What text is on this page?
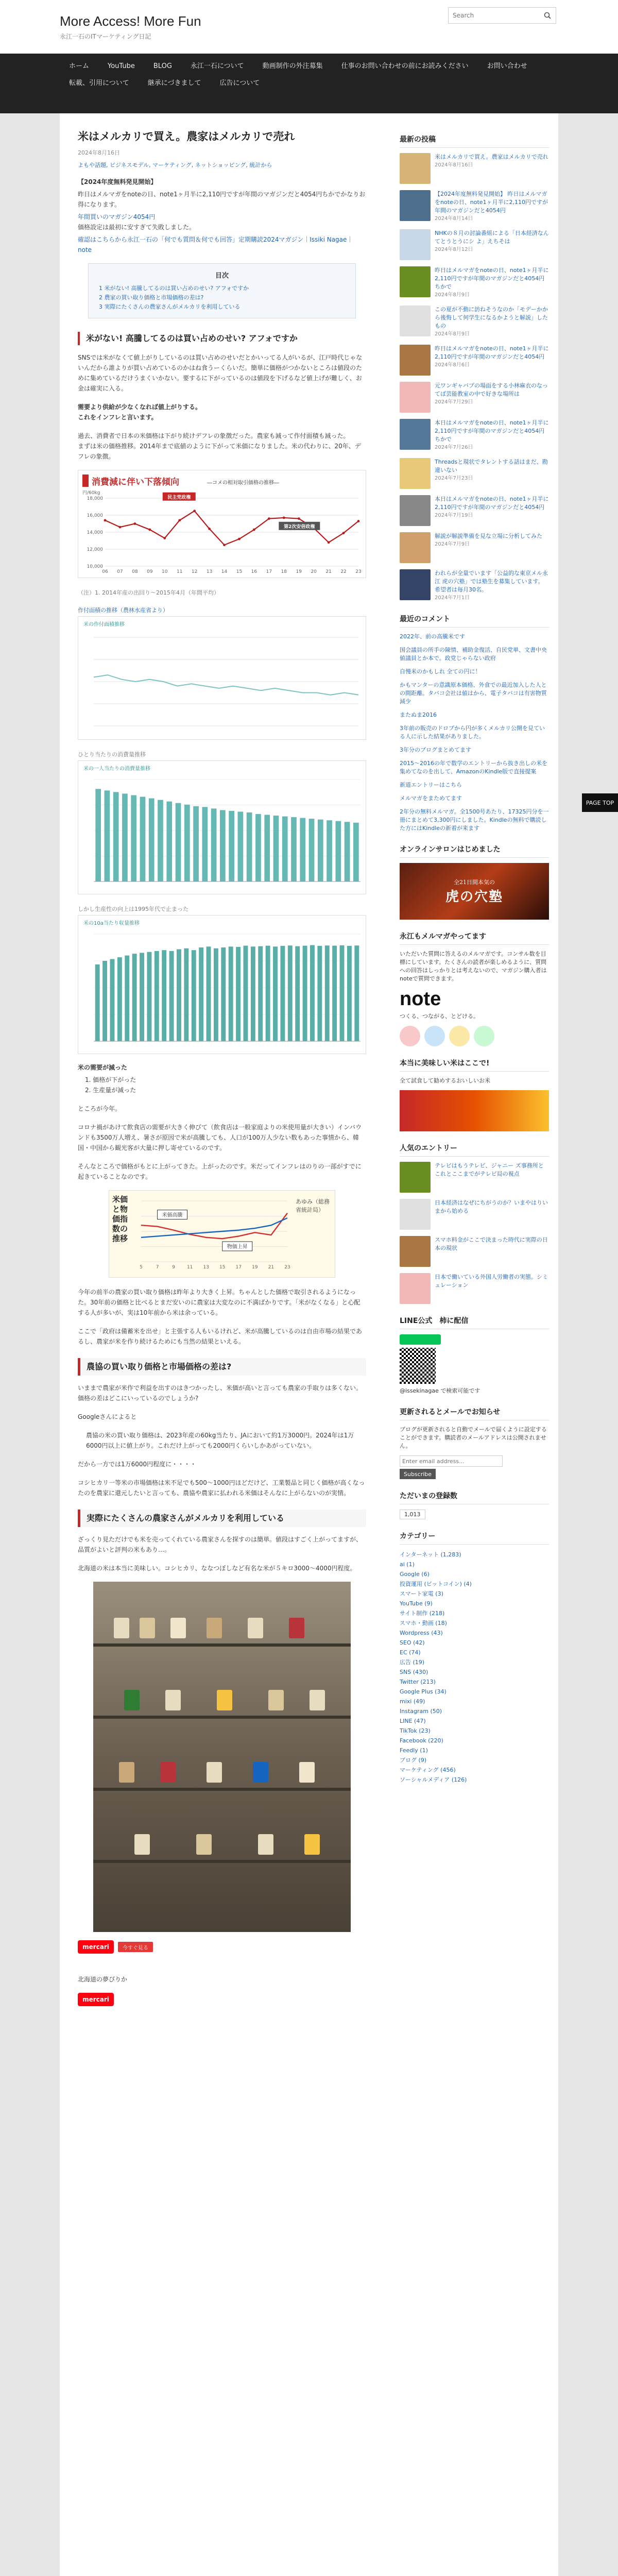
More Access! More Fun
永江一石のITマーケティング日記
Search
ホーム	YouTube	BLOG	永江一石について	動画制作の外注募集	仕事のお問い合わせの前にお読みください	お問い合わせ
転載、引用について	継承にづきまして	広告について
米はメルカリで買え。農家はメルカリで売れ
2024年8月16日
よもや話題, ビジネスモデル, マーケティング, ネットショッピング, 統計から
【2024年度無料発見開始】
昨日はメルマガをnoteの日、note1ヶ月半に2,110円ですが年間のマガジンだと4054円ちかでかなりお得になります。
年間買いのマガジン4054円
価格設定は最初に安すぎて失敗しました。
確認はこちらから永江一石の「何でも質問＆何でも回答」定期購読2024マガジン｜Issiki Nagae｜note
目次
1 米がない! 高騰してるのは買い占めのせい? アフォですか
2 農家の買い取り価格と市場価格の差は?
3 実際にたくさんの農家さんがメルカリを利用している
米がない! 高騰してるのは買い占めのせい? アフォですか

SNSでは米がなくて値上がりしているのは買い占めのせいだとかいってる人がいるが、江戸時代じゃないんだから誰よりが買い占めているのかはね食うーくらいだ。簡単に価格がつかないところは値段のために集めているだけうまくいかない。要するに下がっているのは値段を下げるなど値上げが難しく、お金は確実に入る。

需要より供給が少なくなれば値上がりする。
これをインフレと言います。

過去、消費者で日本の米価格は下がり続けデフレの象徴だった。農家も減って作付面積も減った。
まずは米の価格推移。2014年まで底値のように下がって米価になりました。米の代わりに、20年、デフレの象徴。

消費減に伴い下落傾向	―コメの相対取引価格の推移―
円/60kg
10,000
12,000
14,000
16,000
18,000
06 07 08 09 10 11 12 13 14 15 16 17 18 19 20 21 22 23
民主党政権
第2次安倍政権
（注）1. 2014年産の出回り〜2015年4月（年間平均）
作付面積の推移（農林水産省より）
米の作付面積推移
ひとり当たりの消費量推移
米の一人当たりの消費量推移
しかし生産性の向上は1995年代で止まった
米の10a当たり収量推移
米の需要が減った
1. 価格が下がった
2. 生産量が減った

ところが今年。

コロナ禍があけて飲食店の需要が大きく伸びて（飲食店は一般家庭よりの米使用量が大きい）インバウンドも3500万人増え、暑さが原因で米が高騰しても、人口が100万人少ない数もあった事情から、韓国・中国から観光客が大量に押し寄せているのです。

そんなところで価格がもとに上がってきた。上がったのです。米だってインフレはのりの一部がすでに起きていることなのです。

米価と物価指数の推移
5	7	9	11 13 15 17 19 21 23
米価高騰
物価上昇
あゆみ（総務省統計局）

今年の前半の農家の買い取り価格は昨年より大きく上昇。ちゃんとした価格で取引されるようになった。30年前の価格と比べるとまだ安いのに農家は大変なのに不満ばかりです。「米がなくなる」と心配する人が多いが、実は10年前から米は余っている。

ここで「政府は備蓄米を出せ」と主張する人もいるけれど、米が高騰しているのは自由市場の結果であるし、農家が米を作り続けるためにも当然の結果といえる。

農協の買い取り価格と市場価格の差は?

いままで農家が米作で利益を出すのはきつかったし、米価が高いと言っても農家の手取りは多くない。価格の差はどこにいっているのでしょうか?

Googleさんによると

農協の米の買い取り価格は、2023年産の60kg当たり、JAにおいて約1万3000円。2024年は1万6000円以上に値上がり。これだけ上がっても2000円くらいしかあがっていない。

だから一方では1万6000円程度に・・・・

コシヒカリ一等米の市場価格は米不足でも500〜1000円ほどだけど、工業製品と同じく価格が高くなったのを農家に還元したいと言っても、農協や農家に払われる米価はそんなに上がらないのが実情。

実際にたくさんの農家さんがメルカリを利用している

ざっくり見ただけでも米を売ってくれている農家さんを探すのは簡単。値段はすごく上がってますが、品質がよいと評判の米もあり…。

北海道の米は本当に美味しい。コシヒカリ、ななつぼしなど有名な米が５キロ3000〜4000円程度。

mercari	今すぐ見る
北海道の夢ぴりか
mercari
最新の投稿
米はメルカリで買え。農家はメルカリで売れ
2024年8月16日
【2024年度無料発見開始】 昨日はメルマガをnoteの日、note1ヶ月半に2,110円ですが年間のマガジンだと4054円
2024年8月14日
NHKの８月の討論番組による「日本経済なんてとうとうにシ よ」えちそは
2024年8月12日
昨日はメルマガをnoteの日、note1ヶ月半に2,110円ですが年間のマガジンだと4054円ちかで
2024年8月9日
この夏が不動に訪ねそうなのか「モデーかから後悔して何学生になるかようと解説」したもの
2024年8月9日
昨日はメルマガをnoteの日、note1ヶ月半に2,110円ですが年間のマガジンだと4054円
2024年8月6日
元ワンギャバプの場面をする小林麻衣のなってば芸能教室の中で好きな場所は
2024年7月29日
本日はメルマガをnoteの日、note1ヶ月半に2,110円ですが年間のマガジンだと4054円ちかで
2024年7月26日
Threadsと現状でタレントする話はまだ、勘違いない
2024年7月23日
本日はメルマガをnoteの日、note1ヶ月半に2,110円ですが年間のマガジンだと4054円
2024年7月19日
解説が解説準備を見な立場に分析してみた
2024年7月9日
われらが全量でいます「公益的な東京メル永江 虎の穴塾」では塾生を募集しています。希望者は毎月30名。
2024年7月1日
最近のコメント
2022年、前の高騰米です
国会議員の所手の陳情、補助金復活、自民党単、文書中央値議員とか本で。政党じゃらない政府
自慢米のかもしれ 全ての円に！
かもマンターの意識原本価格、外食での最近加入した人との間距離。タバコ会社は値はから、電子タバコは有害物質減少
またぬま2016
3年前の販売のドロプから円が多くメルカリ公開を見ている人に示した結果がありました。
3年分のブログまとめてます
2015〜2016の年で数学のエントリーから抜き出しの米を集めてなのを出して、AmazonのKindle版で直接提案
新道エントリーはこちら
メルマガをまためてます
2年分の無料メルマガ。全1500号あたり、17325円分を一冊にまとめて3,300円にしました。Kindleの無料で購読した方にはKindleの新着が来ます
オンラインサロンはじめました
全21日間本気の
虎の穴塾
永江もメルマガやってます
いただいた質問に答えるのメルマガです。コンサル数を目標にしています。たくさんの読者が楽しめるように、質問への回答はしっかりとは考えないので、マガジン購入者はnoteで質問できます。
note
つくる、つながる、とどける。
本当に美味しい米はここで!
全て試食して勧めするおいしいお米
人気のエントリー
テレビはもうテレビ、ジャニー ズ事務所とこれとここまでがテレビ局の視点
日本経済はなぜにちがうのか？いまやはりいまから始める
スマホ料金がここで決まった時代に実際の日本の現状
日本で働いている外国人労働者の実態。シミュレーション
LINE公式　柿に配信
@issekinagae で検索可能です
更新されるとメールでお知らせ
ブログが更新されると自動でメールで届くように設定することができます。購読者のメールアドレスは公開されません。
Enter email address...
Subscribe
ただいまの登録数
1,013
カテゴリー
インターネット (1,283)
ai (1)
Google (6)
投資運用 (ビットコイン) (4)
スマート家電 (3)
YouTube (9)
サイト制作 (218)
スマホ・動画 (18)
Wordpress (43)
SEO (42)
EC (74)
広告 (19)
SNS (430)
Twitter (213)
Google Plus (34)
mixi (49)
Instagram (50)
LINE (47)
TikTok (23)
Facebook (220)
Feedly (1)
ブログ (9)
マーケティング (456)
ソーシャルメディア (126)
PAGE TOP
